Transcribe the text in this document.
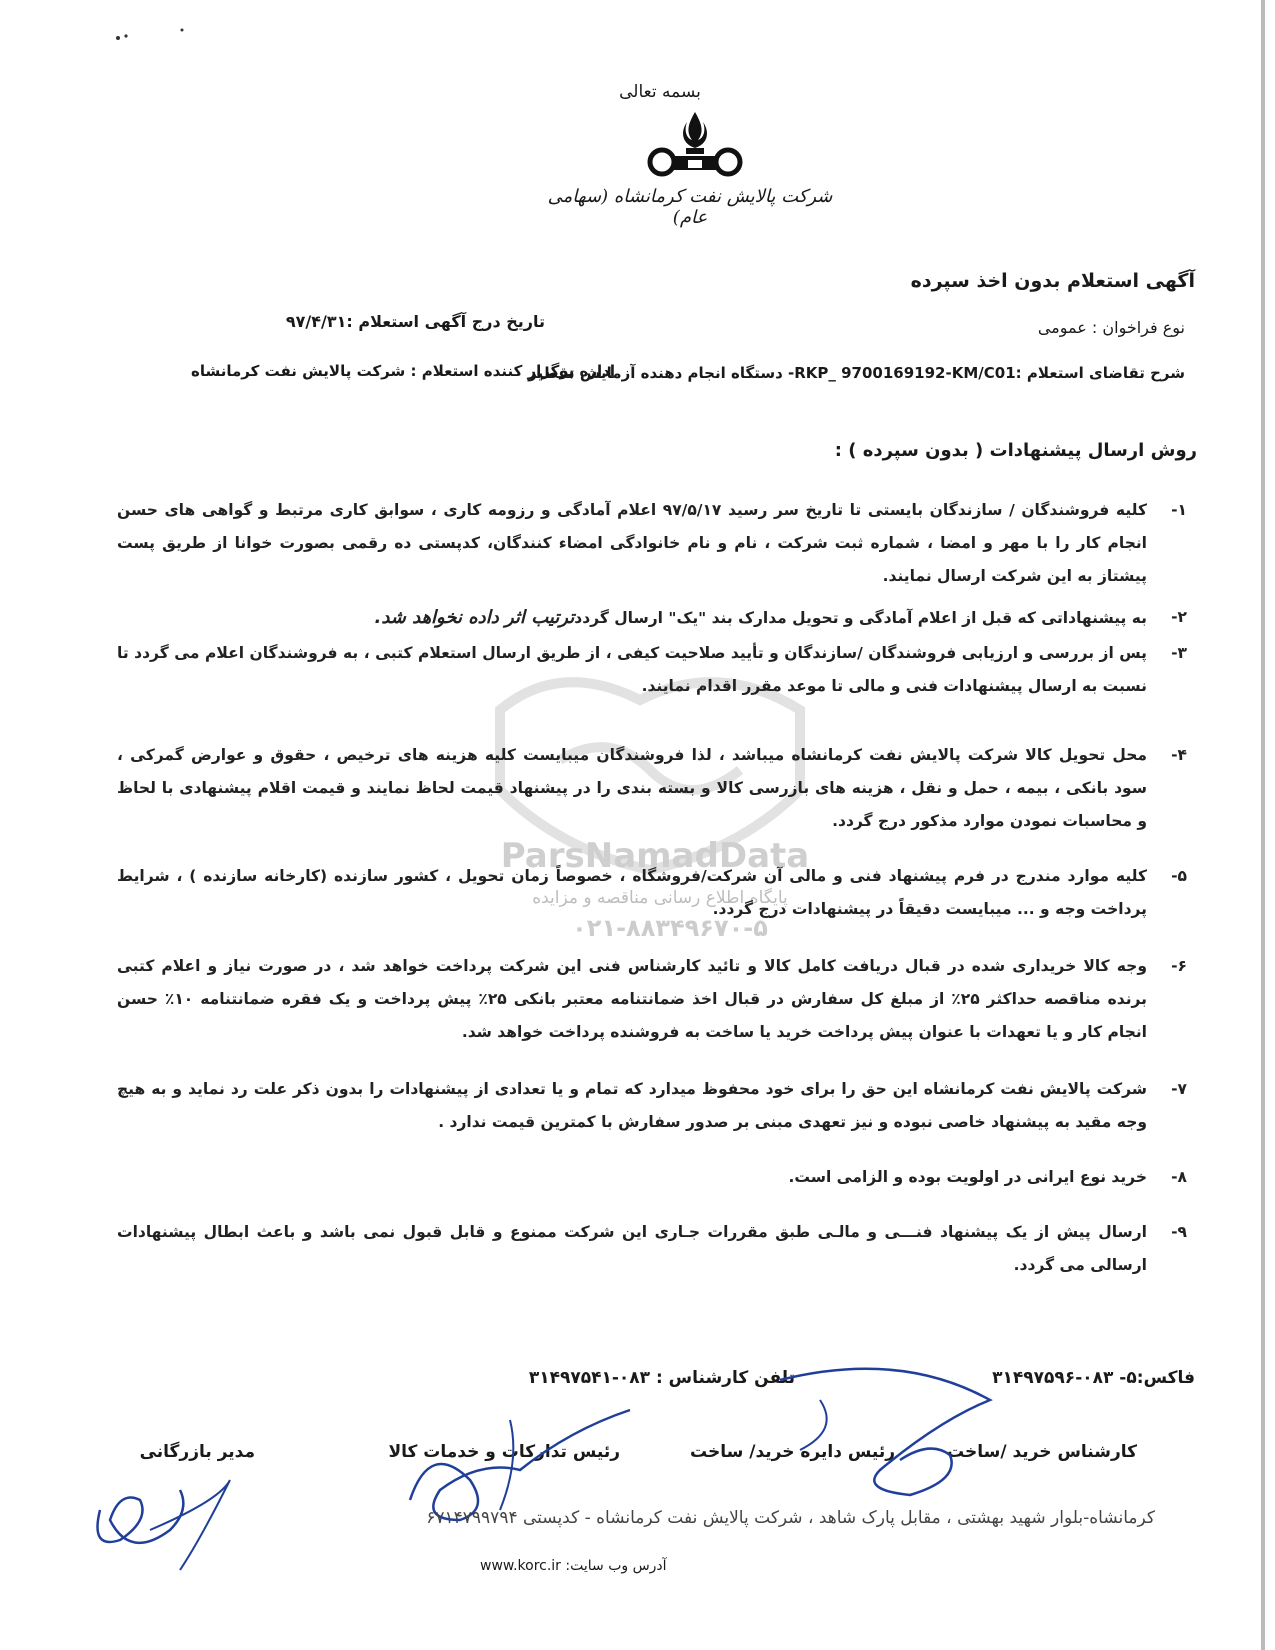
بسمه تعالی
شرکت پالایش نفت کرمانشاه (سهامی عام)
آگهی استعلام بدون اخذ سپرده
نوع فراخوان : عمومی
تاریخ درج آگهی استعلام :۹۷/۴/۳۱
شرح تقاضای استعلام :RKP_ 9700169192-KM/C01- دستگاه انجام دهنده آزمایش تقطیر
اداره برگزار کننده استعلام : شرکت پالایش نفت کرمانشاه
روش ارسال پیشنهادات ( بدون سپرده ) :
ParsNamadData
پایگاه اطلاع رسانی مناقصه و مزایده
۰۲۱-۸۸۳۴۹۶۷۰-۵
۱-
کلیه فروشندگان / سازندگان بایستی تا تاریخ سر رسید ۹۷/۵/۱۷ اعلام آمادگی و رزومه کاری ، سوابق کاری مرتبط و گواهی های حسن انجام کار را با مهر و امضا ، شماره ثبت شرکت ، نام و نام خانوادگی امضاء کنندگان، کدپستی ده رقمی بصورت خوانا از طریق پست پیشتاز به این شرکت ارسال نمایند.
۲-
به پیشنهاداتی که قبل از اعلام آمادگی و تحویل مدارک بند "یک" ارسال گرددترتیب اثر داده نخواهد شد.
۳-
پس از بررسی و ارزیابی فروشندگان /سازندگان و تأیید صلاحیت کیفی ، از طریق ارسال استعلام کتبی ، به فروشندگان اعلام می گردد تا نسبت به ارسال پیشنهادات فنی و مالی تا موعد مقرر اقدام نمایند.
۴-
محل تحویل کالا شرکت پالایش نفت کرمانشاه میباشد ، لذا فروشندگان میبایست کلیه هزینه های ترخیص ، حقوق و عوارض گمرکی ، سود بانکی ، بیمه ، حمل و نقل ، هزینه های بازرسی کالا و بسته بندی را در پیشنهاد قیمت لحاظ نمایند و قیمت اقلام پیشنهادی با لحاظ و محاسبات نمودن موارد مذکور درج گردد.
۵-
کلیه موارد مندرج در فرم پیشنهاد فنی و مالی آن شرکت/فروشگاه ، خصوصاً زمان تحویل ، کشور سازنده (کارخانه سازنده ) ، شرایط پرداخت وجه و ... میبایست دقیقاً در پیشنهادات درج گردد.
۶-
وجه کالا خریداری شده در قبال دریافت کامل کالا و تائید کارشناس فنی این شرکت پرداخت خواهد شد ، در صورت نیاز و اعلام کتبی برنده مناقصه حداکثر ۲۵٪ از مبلغ کل سفارش در قبال اخذ ضمانتنامه معتبر بانکی ۲۵٪ پیش پرداخت و یک فقره ضمانتنامه ۱۰٪ حسن انجام کار و یا تعهدات با عنوان پیش پرداخت خرید یا ساخت به فروشنده پرداخت خواهد شد.
۷-
شرکت پالایش نفت کرمانشاه این حق را برای خود محفوظ میدارد که تمام و یا تعدادی از پیشنهادات را بدون ذکر علت رد نماید و به هیچ وجه مقید به پیشنهاد خاصی نبوده و نیز تعهدی مبنی بر صدور سفارش با کمترین قیمت ندارد .
۸-
خرید نوع ایرانی در اولویت بوده و الزامی است.
۹-
ارسال پیش از یک پیشنهاد فنـــی و مالـی طبق مقررات جـاری این شرکت ممنوع و قابل قبول نمی باشد و باعث ابطال پیشنهادات ارسالی می گردد.
فاکس:۵- ۰۸۳-۳۱۴۹۷۵۹۶
تلفن کارشناس : ۰۸۳-۳۱۴۹۷۵۴۱
کارشناس خرید /ساخت
رئیس دایره خرید/ ساخت
رئیس تدارکات و خدمات کالا
مدیر بازرگانی
کرمانشاه-بلوار شهید بهشتی ، مقابل پارک شاهد ، شرکت پالایش نفت کرمانشاه - کدپستی ۶۷۱۴۷۹۹۷۹۴
آدرس وب سایت: www.korc.ir
